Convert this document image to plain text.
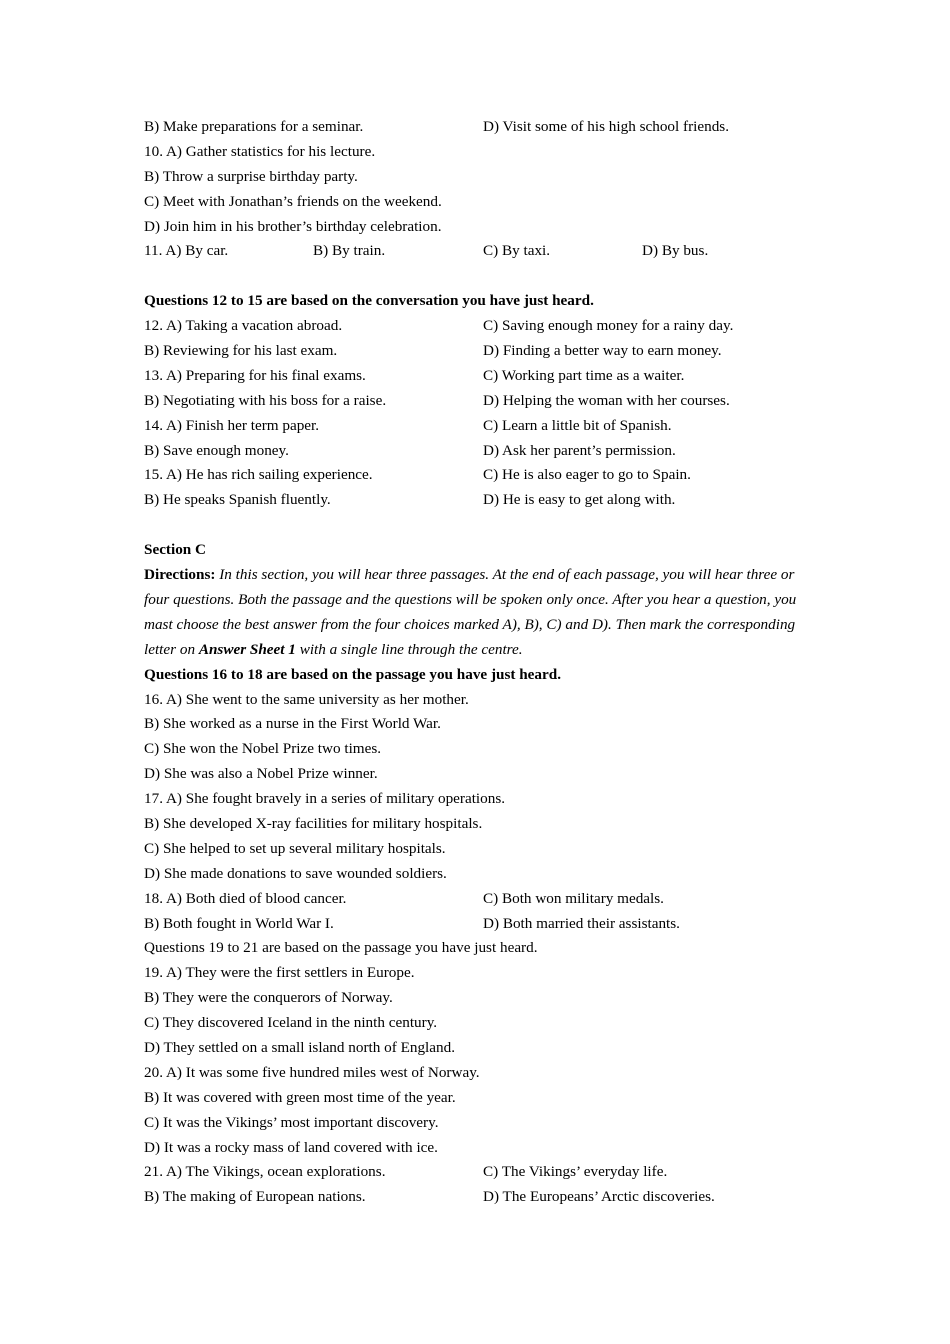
B) Make preparations for a seminar.	D) Visit some of his high school friends.
10. A) Gather statistics for his lecture.
B) Throw a surprise birthday party.
C) Meet with Jonathan’s friends on the weekend.
D) Join him in his brother’s birthday celebration.
11. A) By car.	B) By train.	C) By taxi.	D) By bus.
Questions 12 to 15 are based on the conversation you have just heard.
12. A) Taking a vacation abroad.	C) Saving enough money for a rainy day.
B) Reviewing for his last exam.	D) Finding a better way to earn money.
13. A) Preparing for his final exams.	C) Working part time as a waiter.
B) Negotiating with his boss for a raise.	D) Helping the woman with her courses.
14. A) Finish her term paper.	C) Learn a little bit of Spanish.
B) Save enough money.	D) Ask her parent’s permission.
15. A) He has rich sailing experience.	C) He is also eager to go to Spain.
B) He speaks Spanish fluently.	D) He is easy to get along with.
Section C
Directions: In this section, you will hear three passages. At the end of each passage, you will hear three or four questions. Both the passage and the questions will be spoken only once. After you hear a question, you mast choose the best answer from the four choices marked A), B), C) and D). Then mark the corresponding letter on Answer Sheet 1 with a single line through the centre.
Questions 16 to 18 are based on the passage you have just heard.
16. A) She went to the same university as her mother.
B) She worked as a nurse in the First World War.
C) She won the Nobel Prize two times.
D) She was also a Nobel Prize winner.
17. A) She fought bravely in a series of military operations.
B) She developed X-ray facilities for military hospitals.
C) She helped to set up several military hospitals.
D) She made donations to save wounded soldiers.
18. A) Both died of blood cancer.	C) Both won military medals.
B) Both fought in World War I.	D) Both married their assistants.
Questions 19 to 21 are based on the passage you have just heard.
19. A) They were the first settlers in Europe.
B) They were the conquerors of Norway.
C) They discovered Iceland in the ninth century.
D) They settled on a small island north of England.
20. A) It was some five hundred miles west of Norway.
B) It was covered with green most time of the year.
C) It was the Vikings’ most important discovery.
D) It was a rocky mass of land covered with ice.
21. A) The Vikings, ocean explorations.	C) The Vikings’ everyday life.
B) The making of European nations.	D) The Europeans’ Arctic discoveries.
